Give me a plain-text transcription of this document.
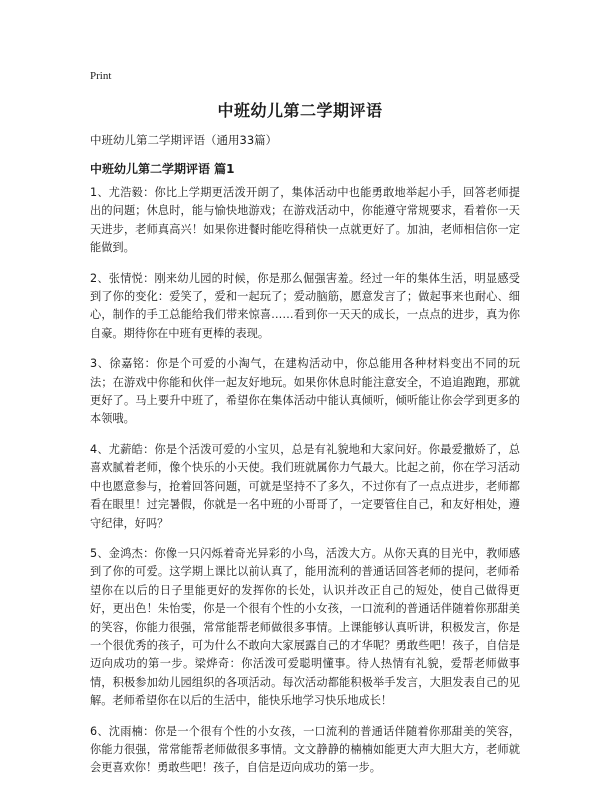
Print
中班幼儿第二学期评语
中班幼儿第二学期评语（通用33篇）
中班幼儿第二学期评语 篇1

1、尤浩毅：你比上学期更活泼开朗了，集体活动中也能勇敢地举起小手，回答老师提出的问题；休息时，能与愉快地游戏；在游戏活动中，你能遵守常规要求，看着你一天天进步，老师真高兴！如果你进餐时能吃得稍快一点就更好了。加油，老师相信你一定能做到。

2、张情悦：刚来幼儿园的时候，你是那么倔强害羞。经过一年的集体生活，明显感受到了你的变化：爱笑了，爱和一起玩了；爱动脑筋，愿意发言了；做起事来也耐心、细心，制作的手工总能给我们带来惊喜……看到你一天天的成长，一点点的进步，真为你自豪。期待你在中班有更棒的表现。

3、徐嘉铭：你是个可爱的小淘气，在建构活动中，你总能用各种材料变出不同的玩法；在游戏中你能和伙伴一起友好地玩。如果你休息时能注意安全，不追追跑跑，那就更好了。马上要升中班了，希望你在集体活动中能认真倾听，倾听能让你会学到更多的本领哦。

4、尤薪皓：你是个活泼可爱的小宝贝，总是有礼貌地和大家问好。你最爱撒娇了，总喜欢腻着老师，像个快乐的小天使。我们班就属你力气最大。比起之前，你在学习活动中也愿意参与，抢着回答问题，可就是坚持不了多久，不过你有了一点点进步，老师都看在眼里！过完暑假，你就是一名中班的小哥哥了，一定要管住自己，和友好相处，遵守纪律，好吗？

5、金鸿杰：你像一只闪烁着奇光异彩的小鸟，活泼大方。从你天真的目光中，教师感到了你的可爱。这学期上课比以前认真了，能用流利的普通话回答老师的提问，老师希望你在以后的日子里能更好的发挥你的长处，认识并改正自己的短处，使自己做得更好，更出色！朱怡雯，你是一个很有个性的小女孩，一口流利的普通话伴随着你那甜美的笑容，你能力很强，常常能帮老师做很多事情。上课能够认真听讲，积极发言，你是一个很优秀的孩子，可为什么不敢向大家展露自己的才华呢？勇敢些吧！孩子，自信是迈向成功的第一步。梁烨奇：你活泼可爱聪明懂事。待人热情有礼貌，爱帮老师做事情，积极参加幼儿园组织的各项活动。每次活动都能积极举手发言，大胆发表自己的见解。老师希望你在以后的生活中，能快乐地学习快乐地成长！

6、沈雨楠：你是一个很有个性的小女孩，一口流利的普通话伴随着你那甜美的笑容，你能力很强，常常能帮老师做很多事情。文文静静的楠楠如能更大声大胆大方，老师就会更喜欢你！勇敢些吧！孩子，自信是迈向成功的第一步。
